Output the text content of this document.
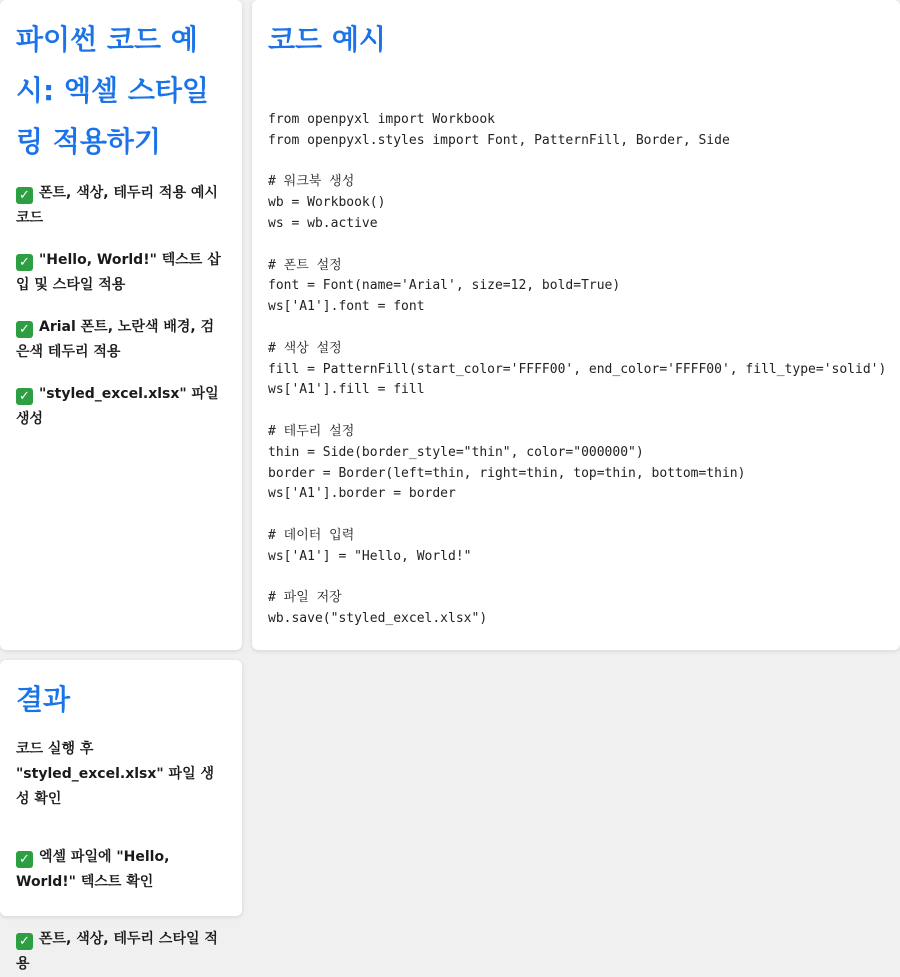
파이썬 코드 예시: 엑셀 스타일링 적용하기
✓ 폰트, 색상, 테두리 적용 예시 코드
✓ "Hello, World!" 텍스트 삽입 및 스타일 적용
✓ Arial 폰트, 노란색 배경, 검은색 테두리 적용
✓ "styled_excel.xlsx" 파일 생성
코드 예시
from openpyxl import Workbook
from openpyxl.styles import Font, PatternFill, Border, Side

# 워크북 생성
wb = Workbook()
ws = wb.active

# 폰트 설정
font = Font(name='Arial', size=12, bold=True)
ws['A1'].font = font

# 색상 설정
fill = PatternFill(start_color='FFFF00', end_color='FFFF00', fill_type='solid')
ws['A1'].fill = fill

# 테두리 설정
thin = Side(border_style="thin", color="000000")
border = Border(left=thin, right=thin, top=thin, bottom=thin)
ws['A1'].border = border

# 데이터 입력
ws['A1'] = "Hello, World!"

# 파일 저장
wb.save("styled_excel.xlsx")
결과
코드 실행 후 "styled_excel.xlsx" 파일 생성 확인
✓ 엑셀 파일에 "Hello, World!" 텍스트 확인
✓ 폰트, 색상, 테두리 스타일 적용
